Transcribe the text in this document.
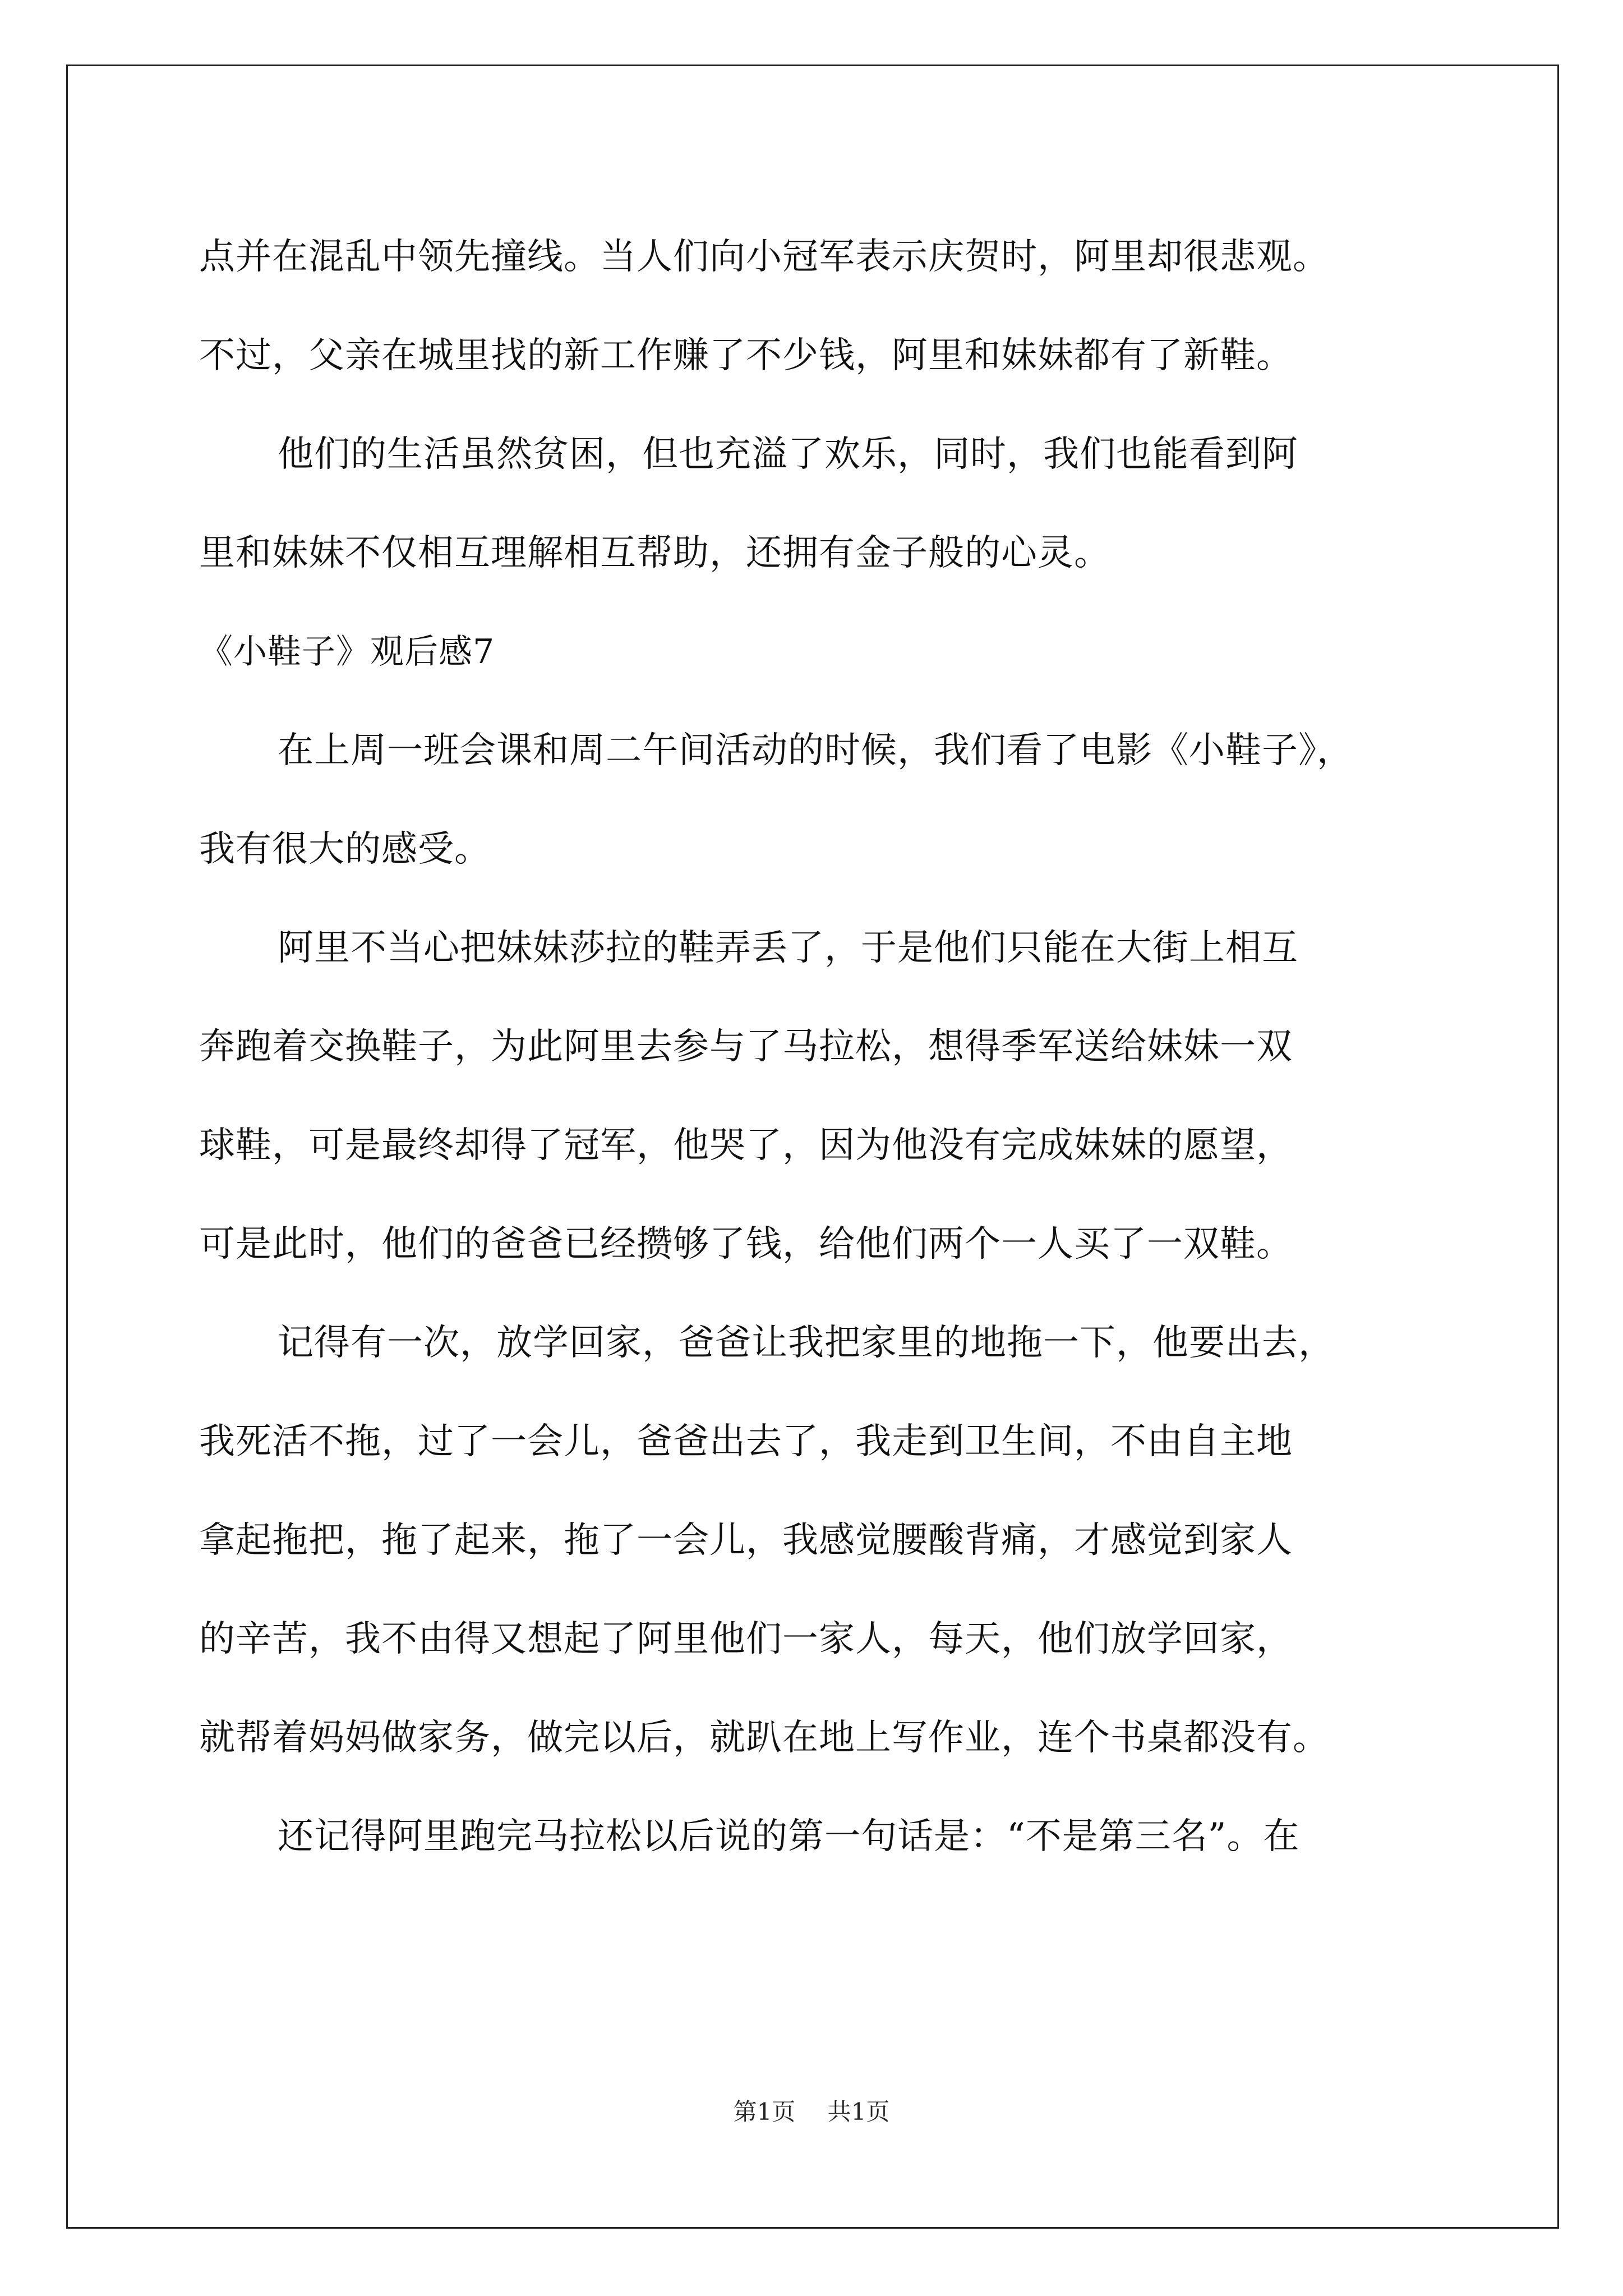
点并在混乱中领先撞线。当人们向小冠军表示庆贺时，阿里却很悲观。
不过，父亲在城里找的新工作赚了不少钱，阿里和妹妹都有了新鞋。
他们的生活虽然贫困，但也充溢了欢乐，同时，我们也能看到阿
里和妹妹不仅相互理解相互帮助，还拥有金子般的心灵。
《小鞋子》观后感7
在上周一班会课和周二午间活动的时候，我们看了电影《小鞋子》，
我有很大的感受。
阿里不当心把妹妹莎拉的鞋弄丢了，于是他们只能在大街上相互
奔跑着交换鞋子，为此阿里去参与了马拉松，想得季军送给妹妹一双
球鞋，可是最终却得了冠军，他哭了，因为他没有完成妹妹的愿望，
可是此时，他们的爸爸已经攒够了钱，给他们两个一人买了一双鞋。
记得有一次，放学回家，爸爸让我把家里的地拖一下，他要出去，
我死活不拖，过了一会儿，爸爸出去了，我走到卫生间，不由自主地
拿起拖把，拖了起来，拖了一会儿，我感觉腰酸背痛，才感觉到家人
的辛苦，我不由得又想起了阿里他们一家人，每天，他们放学回家，
就帮着妈妈做家务，做完以后，就趴在地上写作业，连个书桌都没有。
还记得阿里跑完马拉松以后说的第一句话是：“不是第三名”。在
第1页 共1页
